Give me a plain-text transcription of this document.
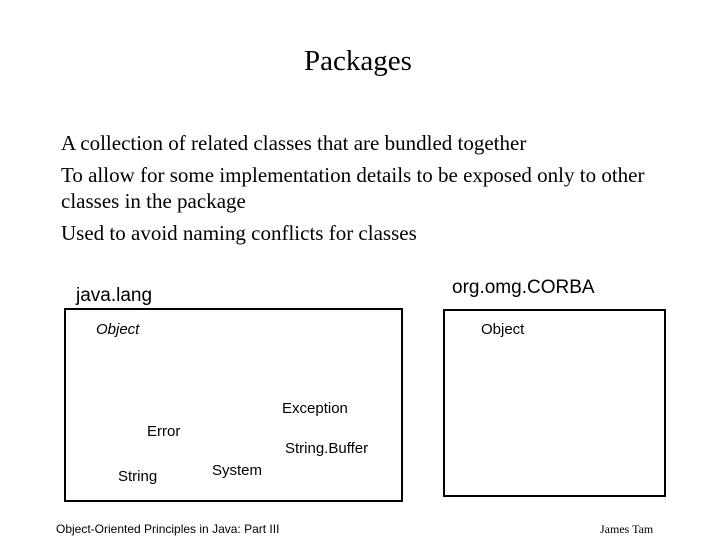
Packages
A collection of related classes that are bundled together
To allow for some implementation details to be exposed only to other classes in the package
Used to avoid naming conflicts for classes
java.lang	org.omg.CORBA
Object
Exception
Error
String.Buffer
String	System
Object
Object-Oriented Principles in Java: Part III	James Tam
